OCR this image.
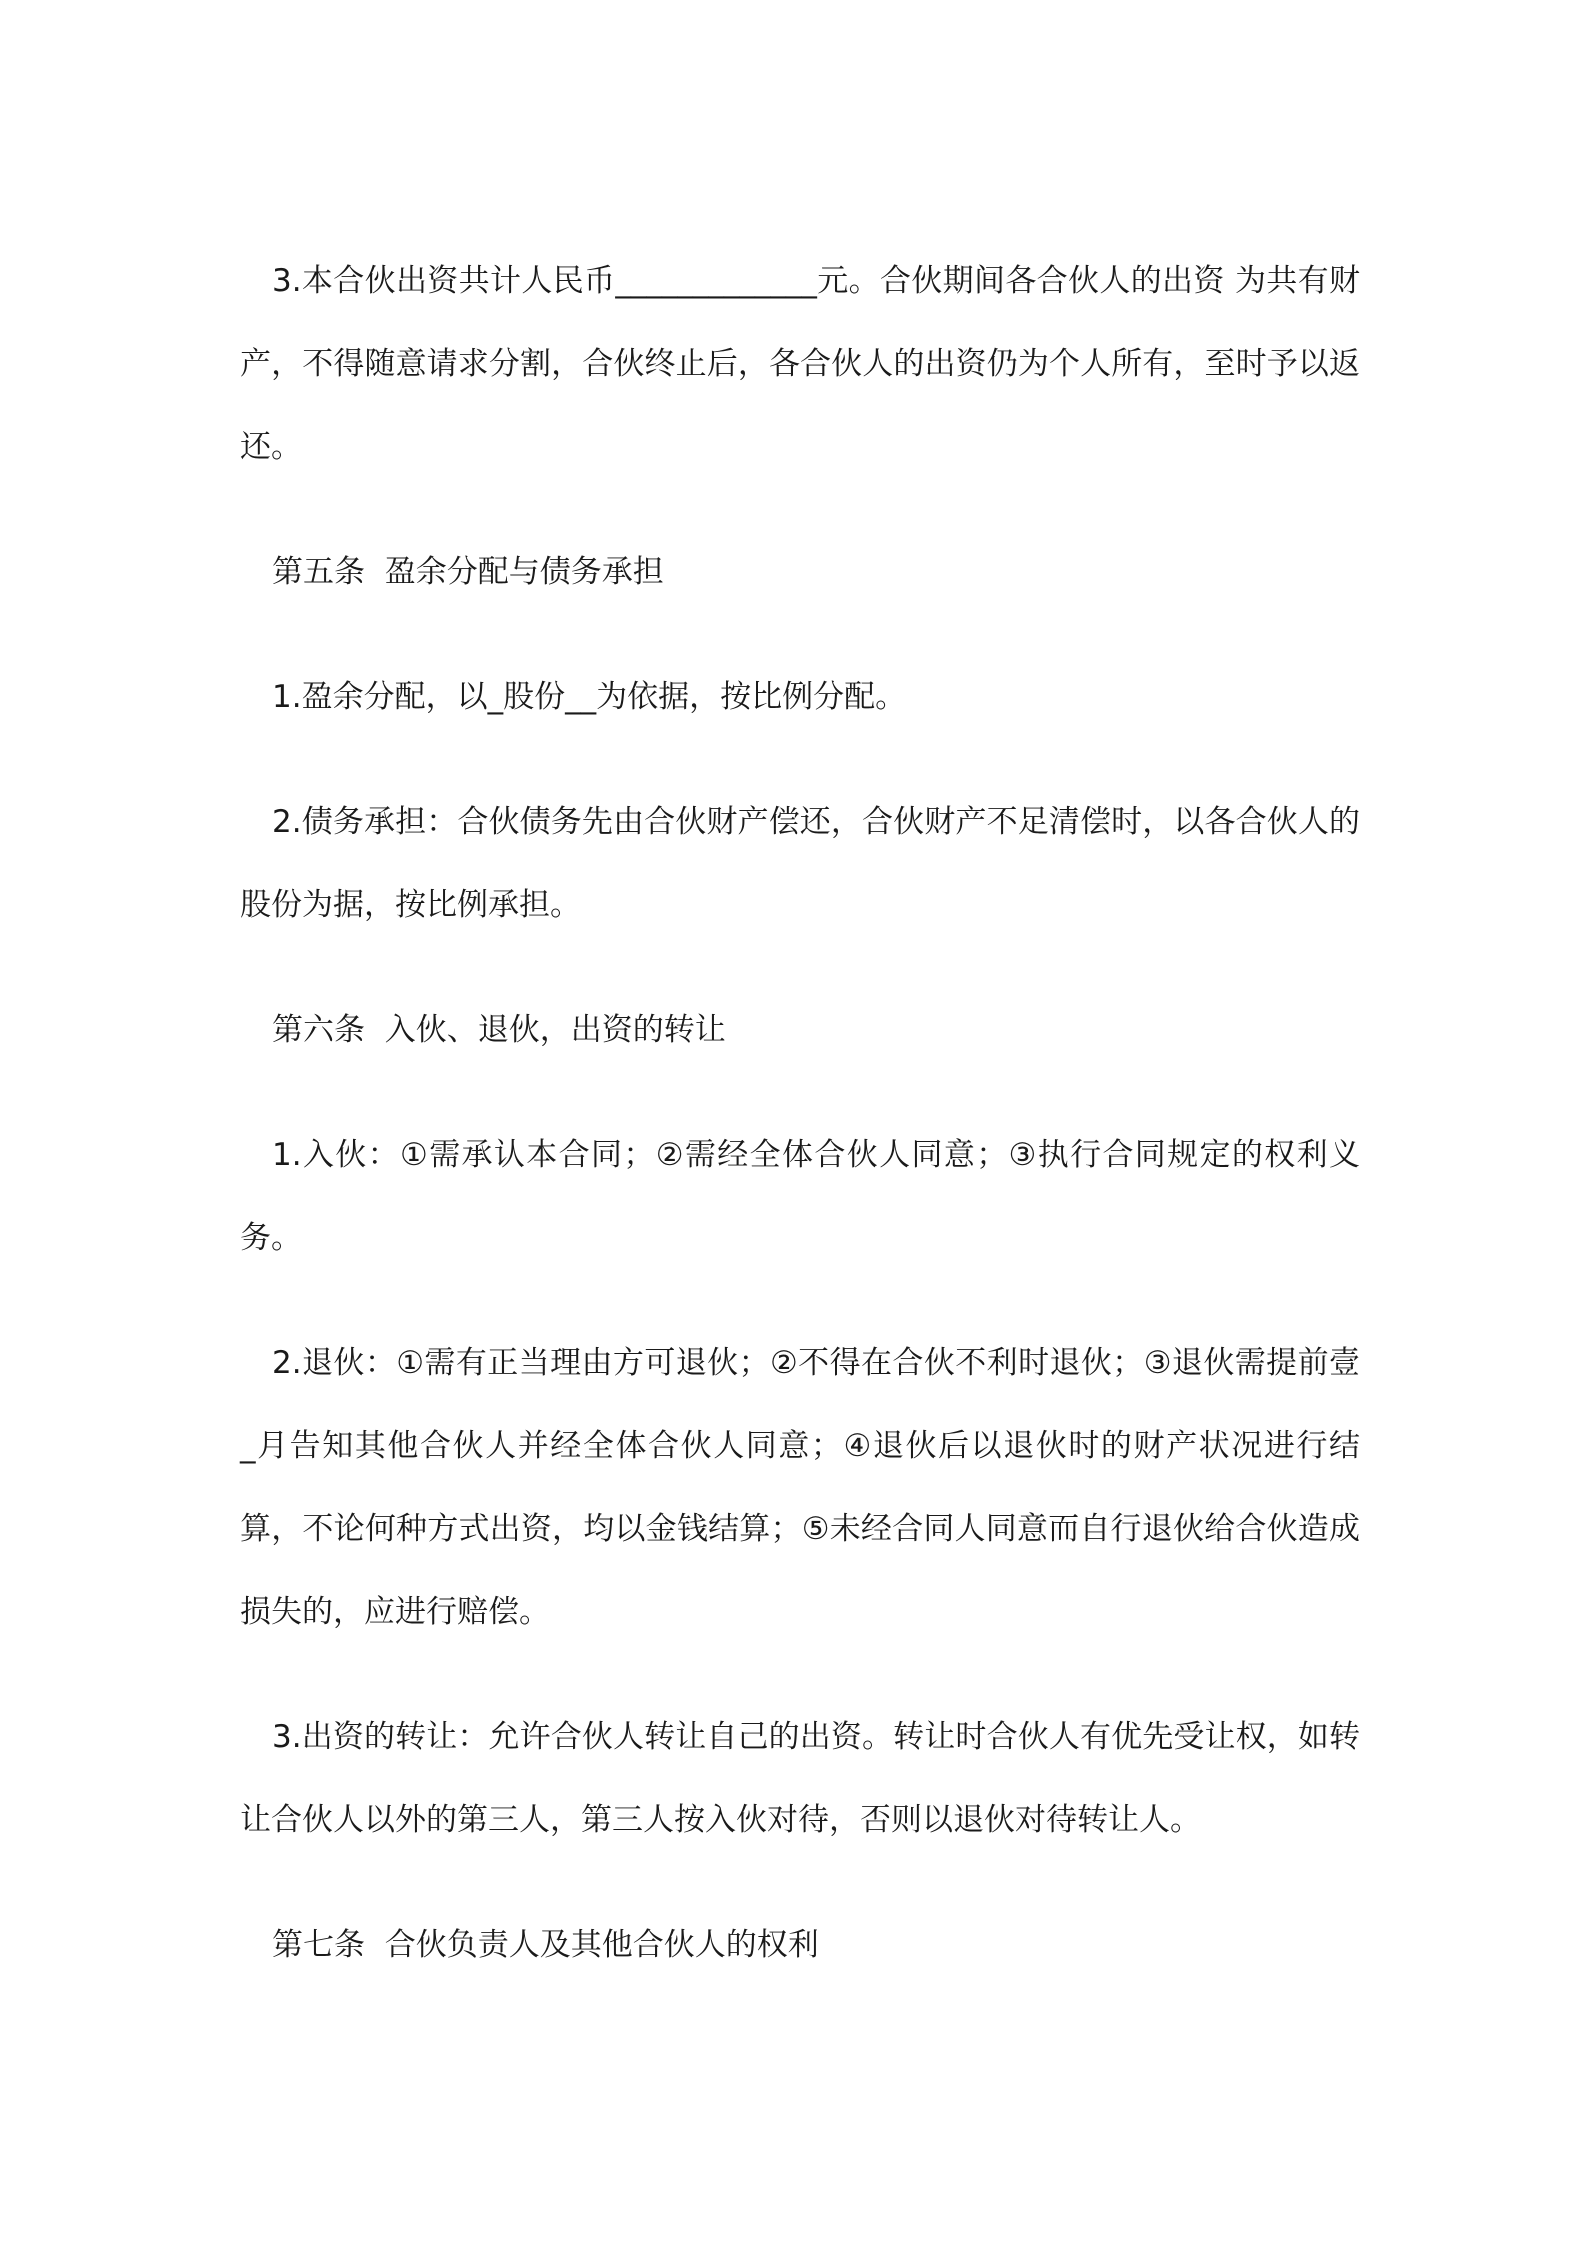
3.本合伙出资共计人民币_____________元。合伙期间各合伙人的出资 为共有财产，不得随意请求分割，合伙终止后，各合伙人的出资仍为个人所有，至时予以返还。

第五条  盈余分配与债务承担

1.盈余分配，以_股份__为依据，按比例分配。

2.债务承担：合伙债务先由合伙财产偿还，合伙财产不足清偿时，以各合伙人的股份为据，按比例承担。

第六条  入伙、退伙，出资的转让

1.入伙：①需承认本合同；②需经全体合伙人同意；③执行合同规定的权利义务。

2.退伙：①需有正当理由方可退伙；②不得在合伙不利时退伙；③退伙需提前壹_月告知其他合伙人并经全体合伙人同意；④退伙后以退伙时的财产状况进行结算，不论何种方式出资，均以金钱结算；⑤未经合同人同意而自行退伙给合伙造成损失的，应进行赔偿。

3.出资的转让：允许合伙人转让自己的出资。转让时合伙人有优先受让权，如转让合伙人以外的第三人，第三人按入伙对待，否则以退伙对待转让人。

第七条  合伙负责人及其他合伙人的权利
